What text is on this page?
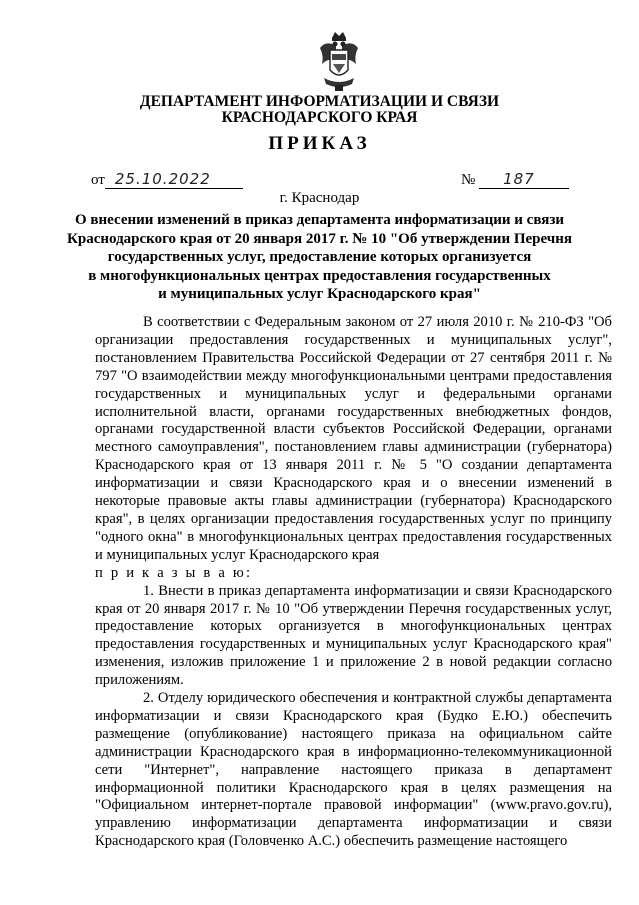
ДЕПАРТАМЕНТ ИНФОРМАТИЗАЦИИ И СВЯЗИ
КРАСНОДАРСКОГО КРАЯ
ПРИКАЗ
от 25.10.2022	№ 187
г. Краснодар
О внесении изменений в приказ департамента информатизации и связи
Краснодарского края от 20 января 2017 г. № 10 "Об утверждении Перечня
государственных услуг, предоставление которых организуется
в многофункциональных центрах предоставления государственных
и муниципальных услуг Краснодарского края"

В соответствии с Федеральным законом от 27 июля 2010 г. № 210-ФЗ "Об организации предоставления государственных и муниципальных услуг", постановлением Правительства Российской Федерации от 27 сентября 2011 г. № 797 "О взаимодействии между многофункциональными центрами предоставления государственных и муниципальных услуг и федеральными органами исполнительной власти, органами государственных внебюджетных фондов, органами государственной власти субъектов Российской Федерации, органами местного самоуправления", постановлением главы администрации (губернатора) Краснодарского края от 13 января 2011 г. № 5 "О создании департамента информатизации и связи Краснодарского края и о внесении изменений в некоторые правовые акты главы администрации (губернатора) Краснодарского края", в целях организации предоставления государственных услуг по принципу "одного окна" в многофункциональных центрах предоставления государственных и муниципальных услуг Краснодарского края

п р и к а з ы в а ю:

1. Внести в приказ департамента информатизации и связи Краснодарского края от 20 января 2017 г. № 10 "Об утверждении Перечня государственных услуг, предоставление которых организуется в многофункциональных центрах предоставления государственных и муниципальных услуг Краснодарского края" изменения, изложив приложение 1 и приложение 2 в новой редакции согласно приложениям.

2. Отделу юридического обеспечения и контрактной службы департамента информатизации и связи Краснодарского края (Будко Е.Ю.) обеспечить размещение (опубликование) настоящего приказа на официальном сайте администрации Краснодарского края в информационно-телекоммуникационной сети "Интернет", направление настоящего приказа в департамент информационной политики Краснодарского края в целях размещения на "Официальном интернет-портале правовой информации" (www.pravo.gov.ru), управлению информатизации департамента информатизации и связи Краснодарского края (Головченко А.С.) обеспечить размещение настоящего
